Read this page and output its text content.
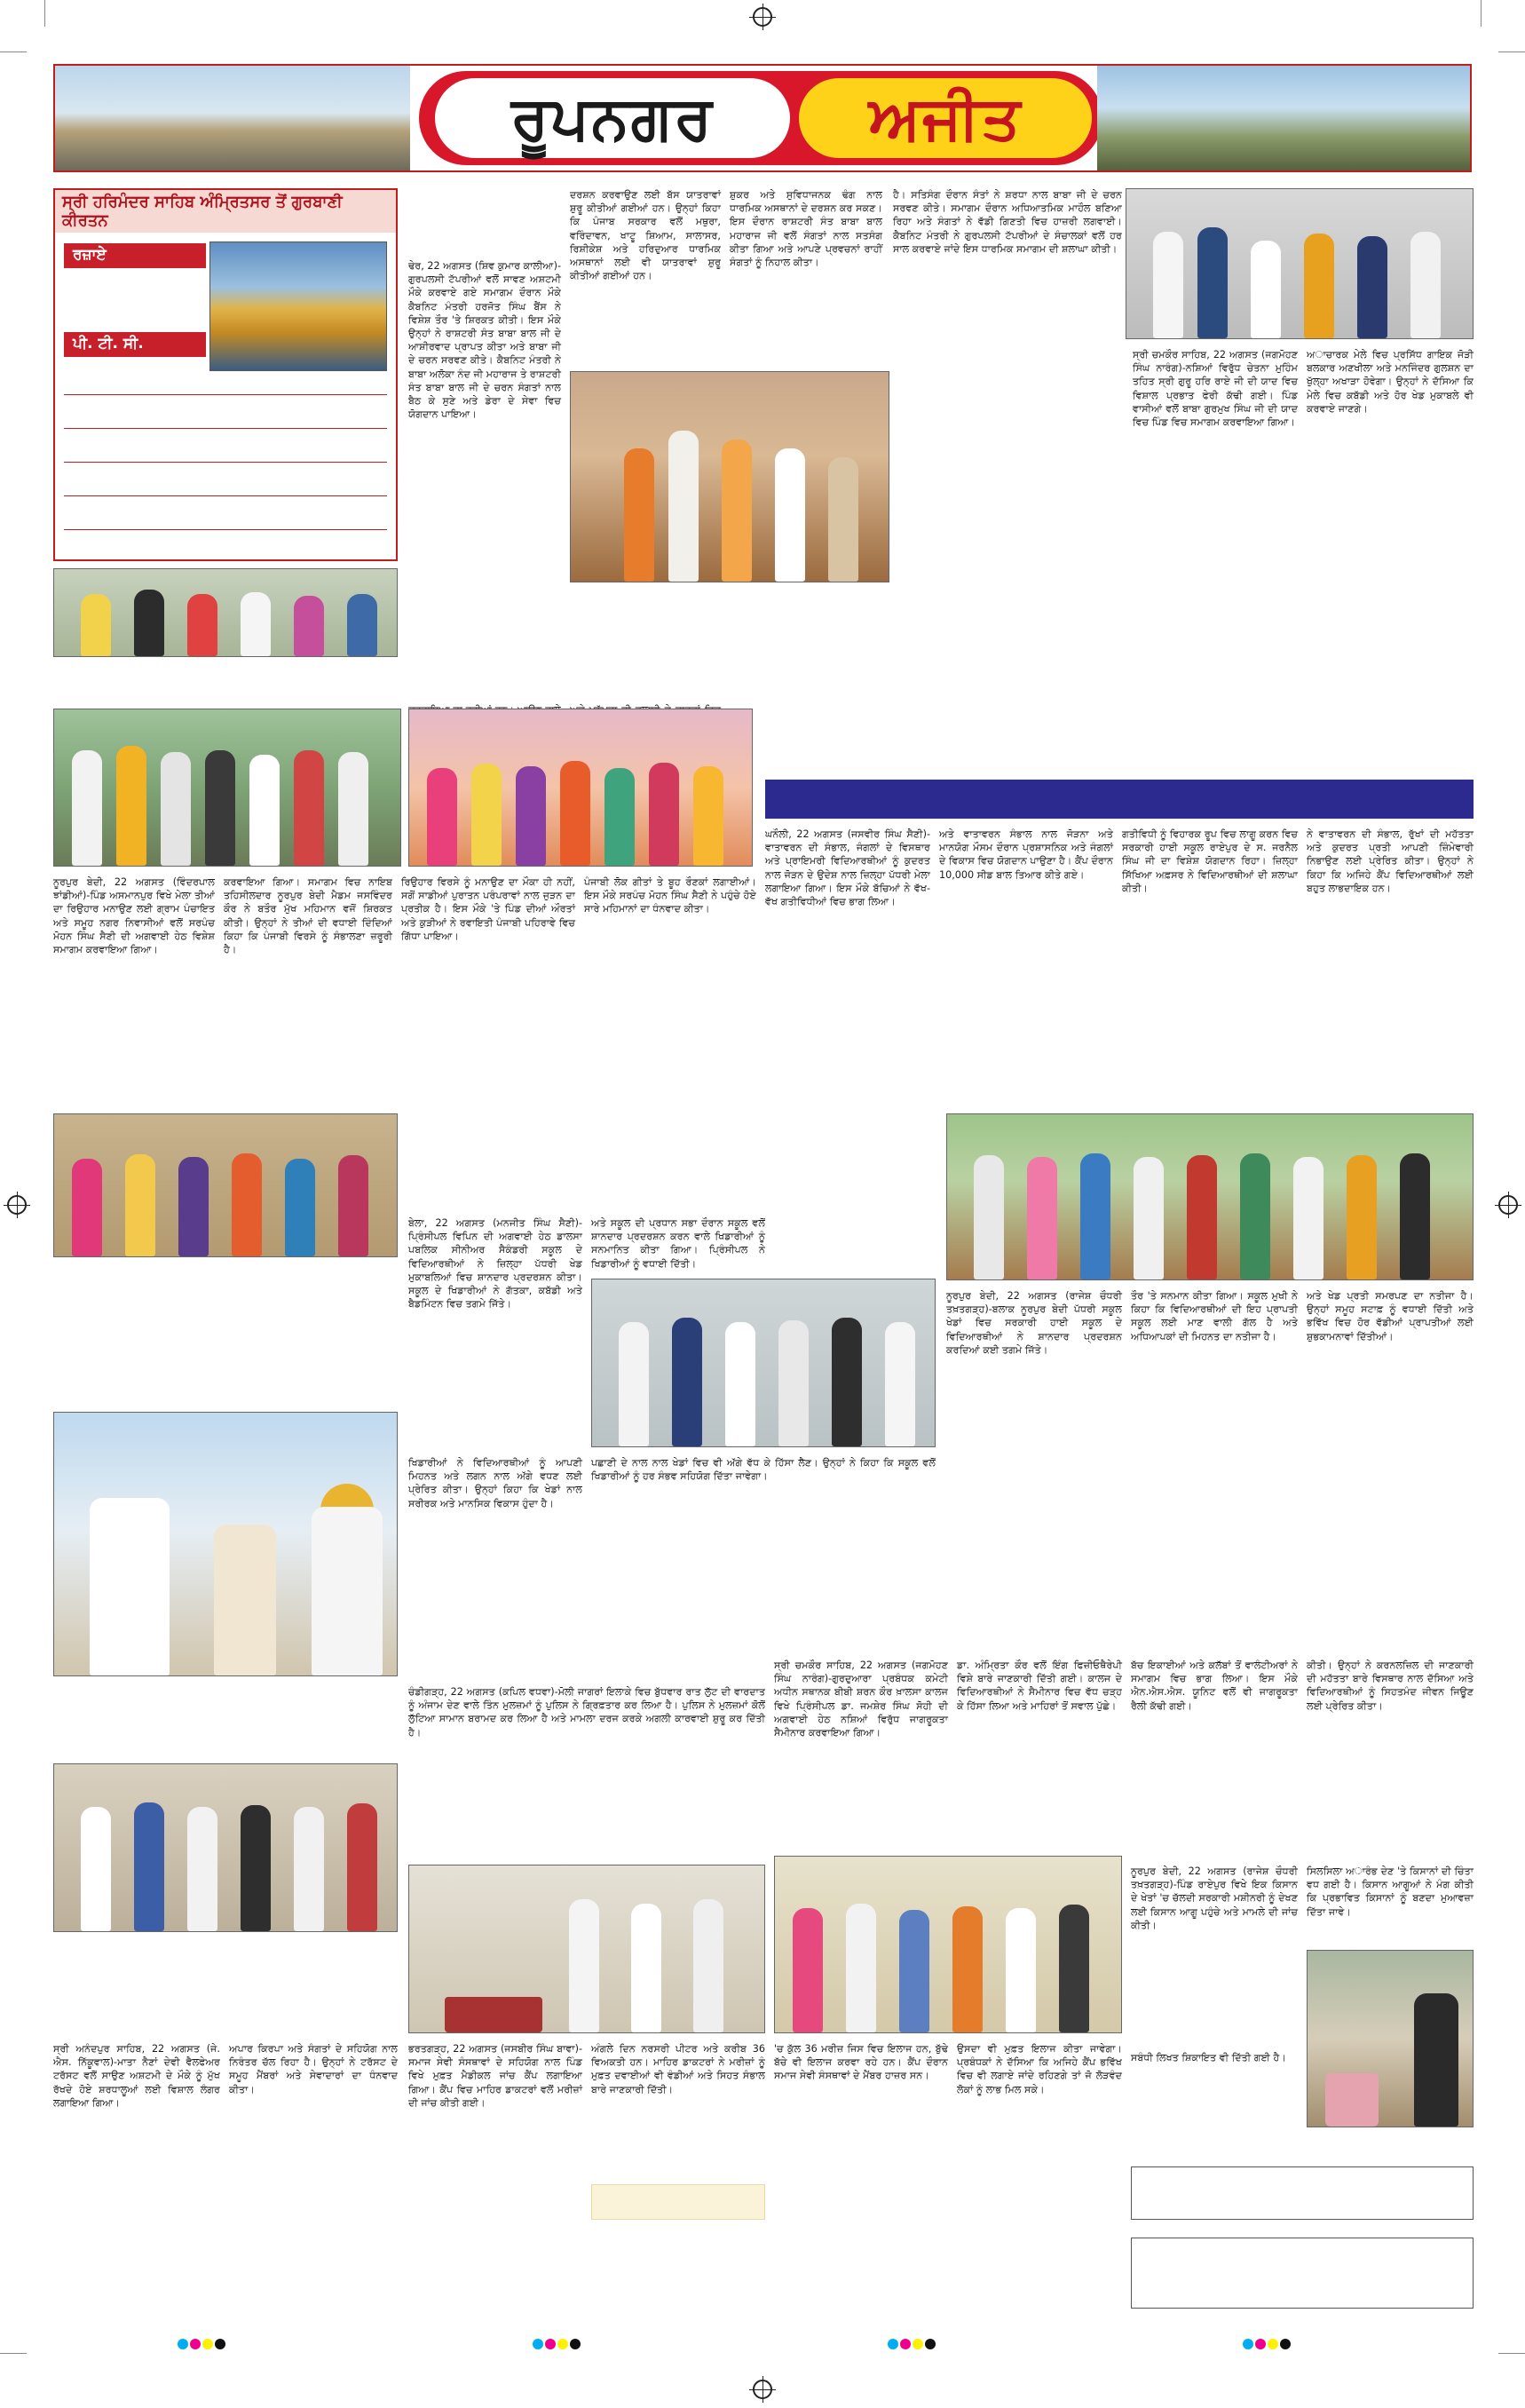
ਰੂਪਨਗਰ	ਅਜੀਤ
ਸ੍ਰੀ ਹਰਿਮੰਦਰ ਸਾਹਿਬ ਅੰਮ੍ਰਿਤਸਰ ਤੋਂ ਗੁਰਬਾਣੀ ਕੀਰਤਨ
ਰਜ਼ਾਏ
ਪੀ. ਟੀ. ਸੀ.
ਢੇਰ, 22 ਅਗਸਤ (ਸ਼ਿਵ ਕੁਮਾਰ ਕਾਲੀਆ)-ਗੁਰਪਲਸੀ ਟੱਪਰੀਆਂ ਵਲੋਂ ਸਾਵਣ ਅਸ਼ਟਮੀ ਮੌਕੇ ਕਰਵਾਏ ਗਏ ਸਮਾਗਮ ਦੌਰਾਨ ਮੌਕੇ ਕੈਬਨਿਟ ਮੰਤਰੀ ਹਰਜੋਤ ਸਿੰਘ ਬੈਂਸ ਨੇ ਵਿਸ਼ੇਸ਼ ਤੌਰ 'ਤੇ ਸ਼ਿਰਕਤ ਕੀਤੀ। ਇਸ ਮੌਕੇ ਉਨ੍ਹਾਂ ਨੇ ਰਾਸ਼ਟਰੀ ਸੰਤ ਬਾਬਾ ਬਾਲ ਜੀ ਦੇ ਆਸ਼ੀਰਵਾਦ ਪ੍ਰਾਪਤ ਕੀਤਾ ਅਤੇ ਬਾਬਾ ਜੀ ਦੇ ਚਰਨ ਸਰਵਣ ਕੀਤੇ। ਕੈਬਨਿਟ ਮੰਤਰੀ ਨੇ ਬਾਬਾ ਅਲੋਕਾ ਨੰਦ ਜੀ ਮਹਾਰਾਜ ਤੇ ਰਾਸ਼ਟਰੀ ਸੰਤ ਬਾਬਾ ਬਾਲ ਜੀ ਦੇ ਚਰਨ ਸੰਗਤਾਂ ਨਾਲ ਬੈਠ ਕੇ ਸੁਣੇ ਅਤੇ ਡੇਰਾ ਦੇ ਸੇਵਾ ਵਿਚ ਯੋਗਦਾਨ ਪਾਇਆ।
ਦਰਸ਼ਨ ਕਰਵਾਉਣ ਲਈ ਬੱਸ ਯਾਤਰਾਵਾਂ ਸ਼ੁਰੂ ਕੀਤੀਆਂ ਗਈਆਂ ਹਨ। ਉਨ੍ਹਾਂ ਕਿਹਾ ਕਿ ਪੰਜਾਬ ਸਰਕਾਰ ਵਲੋਂ ਮਥੁਰਾ, ਵਰਿੰਦਾਵਨ, ਖਾਟੂ ਸ਼ਿਆਮ, ਸਾਲਾਸਰ, ਰਿਸ਼ੀਕੇਸ਼ ਅਤੇ ਹਰਿਦੁਆਰ ਧਾਰਮਿਕ ਅਸਥਾਨਾਂ ਲਈ ਵੀ ਯਾਤਰਾਵਾਂ ਸ਼ੁਰੂ ਕੀਤੀਆਂ ਗਈਆਂ ਹਨ।
ਸ਼ੁਕਰ ਅਤੇ ਸੁਵਿਧਾਜਨਕ ਢੰਗ ਨਾਲ ਧਾਰਮਿਕ ਅਸਥਾਨਾਂ ਦੇ ਦਰਸ਼ਨ ਕਰ ਸਕਣ। ਇਸ ਦੌਰਾਨ ਰਾਸ਼ਟਰੀ ਸੰਤ ਬਾਬਾ ਬਾਲ ਮਹਾਰਾਜ ਜੀ ਵਲੋਂ ਸੰਗਤਾਂ ਨਾਲ ਸਤਸੰਗ ਕੀਤਾ ਗਿਆ ਅਤੇ ਆਪਣੇ ਪ੍ਰਵਚਨਾਂ ਰਾਹੀਂ ਸੰਗਤਾਂ ਨੂੰ ਨਿਹਾਲ ਕੀਤਾ।
ਹੈ। ਸਤਿਸੰਗ ਦੌਰਾਨ ਸੰਤਾਂ ਨੇ ਸ਼ਰਧਾ ਨਾਲ ਬਾਬਾ ਜੀ ਦੇ ਚਰਨ ਸਰਵਣ ਕੀਤੇ। ਸਮਾਗਮ ਦੌਰਾਨ ਅਧਿਆਤਮਿਕ ਮਾਹੌਲ ਬਣਿਆ ਰਿਹਾ ਅਤੇ ਸੰਗਤਾਂ ਨੇ ਵੱਡੀ ਗਿਣਤੀ ਵਿਚ ਹਾਜ਼ਰੀ ਲਗਵਾਈ। ਕੈਬਨਿਟ ਮੰਤਰੀ ਨੇ ਗੁਰਪਲਸੀ ਟੱਪਰੀਆਂ ਦੇ ਸੰਚਾਲਕਾਂ ਵਲੋਂ ਹਰ ਸਾਲ ਕਰਵਾਏ ਜਾਂਦੇ ਇਸ ਧਾਰਮਿਕ ਸਮਾਗਮ ਦੀ ਸ਼ਲਾਘਾ ਕੀਤੀ।
ਸ੍ਰੀ ਚਮਕੌਰ ਸਾਹਿਬ, 22 ਅਗਸਤ (ਜਗਮੋਹਣ ਸਿੰਘ ਨਾਰੰਗ)-ਨਸ਼ਿਆਂ ਵਿਰੁੱਧ ਚੇਤਨਾ ਮੁਹਿੰਮ ਤਹਿਤ ਸ੍ਰੀ ਗੁਰੂ ਹਰਿ ਰਾਏ ਜੀ ਦੀ ਯਾਦ ਵਿਚ ਵਿਸ਼ਾਲ ਪ੍ਰਭਾਤ ਫੇਰੀ ਕੱਢੀ ਗਈ। ਪਿੰਡ ਵਾਸੀਆਂ ਵਲੋਂ ਬਾਬਾ ਗੁਰਮੁਖ ਸਿੰਘ ਜੀ ਦੀ ਯਾਦ ਵਿਚ ਪਿੰਡ ਵਿਚ ਸਮਾਗਮ ਕਰਵਾਇਆ ਗਿਆ।
ਅਾਚਾਰਕ ਮੇਲੇ ਵਿਚ ਪ੍ਰਸਿੱਧ ਗਾਇਕ ਜੋੜੀ ਬਲਕਾਰ ਅਣਖੀਲਾ ਅਤੇ ਮਨਜਿੰਦਰ ਗੁਲਸ਼ਨ ਦਾ ਖੁੱਲ੍ਹਾ ਅਖਾੜਾ ਹੋਵੇਗਾ। ਉਨ੍ਹਾਂ ਨੇ ਦੱਸਿਆ ਕਿ ਮੇਲੇ ਵਿਚ ਕਬੱਡੀ ਅਤੇ ਹੋਰ ਖੇਡ ਮੁਕਾਬਲੇ ਵੀ ਕਰਵਾਏ ਜਾਣਗੇ।
ਘਨੌਲੀ, 22 ਅਗਸਤ (ਜਸਵੀਰ ਸਿੰਘ ਸੈਣੀ)-ਵਾਤਾਵਰਨ ਦੀ ਸੰਭਾਲ, ਜੰਗਲਾਂ ਦੇ ਵਿਸਥਾਰ ਅਤੇ ਪ੍ਰਾਇਮਰੀ ਵਿਦਿਆਰਥੀਆਂ ਨੂੰ ਕੁਦਰਤ ਨਾਲ ਜੋੜਨ ਦੇ ਉਦੇਸ਼ ਨਾਲ ਜ਼ਿਲ੍ਹਾ ਪੱਧਰੀ ਮੇਲਾ ਲਗਾਇਆ ਗਿਆ। ਇਸ ਮੌਕੇ ਬੱਚਿਆਂ ਨੇ ਵੱਖ-ਵੱਖ ਗਤੀਵਿਧੀਆਂ ਵਿਚ ਭਾਗ ਲਿਆ।
ਅਤੇ ਵਾਤਾਵਰਨ ਸੰਭਾਲ ਨਾਲ ਜੋੜਨਾ ਅਤੇ ਮਾਨਯੋਗ ਮੌਸਮ ਦੌਰਾਨ ਪ੍ਰਸ਼ਾਸਨਿਕ ਅਤੇ ਜੰਗਲਾਂ ਦੇ ਵਿਕਾਸ ਵਿਚ ਯੋਗਦਾਨ ਪਾਉਣਾ ਹੈ। ਕੈਂਪ ਦੌਰਾਨ 10,000 ਸੀਡ ਬਾਲ ਤਿਆਰ ਕੀਤੇ ਗਏ।
ਗਤੀਵਿਧੀ ਨੂੰ ਵਿਹਾਰਕ ਰੂਪ ਵਿਚ ਲਾਗੂ ਕਰਨ ਵਿਚ ਸਰਕਾਰੀ ਹਾਈ ਸਕੂਲ ਰਾਏਪੁਰ ਦੇ ਸ. ਜਰਨੈਲ ਸਿੰਘ ਜੀ ਦਾ ਵਿਸ਼ੇਸ਼ ਯੋਗਦਾਨ ਰਿਹਾ। ਜ਼ਿਲ੍ਹਾ ਸਿੱਖਿਆ ਅਫ਼ਸਰ ਨੇ ਵਿਦਿਆਰਥੀਆਂ ਦੀ ਸ਼ਲਾਘਾ ਕੀਤੀ।
ਨੇ ਵਾਤਾਵਰਨ ਦੀ ਸੰਭਾਲ, ਰੁੱਖਾਂ ਦੀ ਮਹੱਤਤਾ ਅਤੇ ਕੁਦਰਤ ਪ੍ਰਤੀ ਆਪਣੀ ਜ਼ਿੰਮੇਵਾਰੀ ਨਿਭਾਉਣ ਲਈ ਪ੍ਰੇਰਿਤ ਕੀਤਾ। ਉਨ੍ਹਾਂ ਨੇ ਕਿਹਾ ਕਿ ਅਜਿਹੇ ਕੈਂਪ ਵਿਦਿਆਰਥੀਆਂ ਲਈ ਬਹੁਤ ਲਾਭਦਾਇਕ ਹਨ।
ਨੂਰਪੁਰ ਬੇਦੀ, 22 ਅਗਸਤ (ਵਿੰਦਰਪਾਲ ਝਾਂਡੀਆਂ)-ਪਿੰਡ ਅਸਮਾਨਪੁਰ ਵਿਖੇ ਮੇਲਾ ਤੀਆਂ ਦਾ ਰਿਉਹਾਰ ਮਨਾਉਣ ਲਈ ਗ੍ਰਾਮ ਪੰਚਾਇਤ ਅਤੇ ਸਮੂਹ ਨਗਰ ਨਿਵਾਸੀਆਂ ਵਲੋਂ ਸਰਪੰਚ ਮੋਹਨ ਸਿੰਘ ਸੈਣੀ ਦੀ ਅਗਵਾਈ ਹੇਠ ਵਿਸ਼ੇਸ਼ ਸਮਾਗਮ ਕਰਵਾਇਆ ਗਿਆ।
ਕਰਵਾਇਆ ਗਿਆ। ਸਮਾਗਮ ਵਿਚ ਨਾਇਬ ਤਹਿਸੀਲਦਾਰ ਨੂਰਪੁਰ ਬੇਦੀ ਮੈਡਮ ਜਸਵਿੰਦਰ ਕੌਰ ਨੇ ਬਤੌਰ ਮੁੱਖ ਮਹਿਮਾਨ ਵਜੋਂ ਸ਼ਿਰਕਤ ਕੀਤੀ। ਉਨ੍ਹਾਂ ਨੇ ਤੀਆਂ ਦੀ ਵਧਾਈ ਦਿੰਦਿਆਂ ਕਿਹਾ ਕਿ ਪੰਜਾਬੀ ਵਿਰਸੇ ਨੂੰ ਸੰਭਾਲਣਾ ਜ਼ਰੂਰੀ ਹੈ।
ਰਿਉਹਾਰ ਵਿਰਸੇ ਨੂੰ ਮਨਾਉਣ ਦਾ ਮੌਕਾ ਹੀ ਨਹੀਂ, ਸਗੋਂ ਸਾਡੀਆਂ ਪੁਰਾਤਨ ਪਰੰਪਰਾਵਾਂ ਨਾਲ ਜੁੜਨ ਦਾ ਪ੍ਰਤੀਕ ਹੈ। ਇਸ ਮੌਕੇ 'ਤੇ ਪਿੰਡ ਦੀਆਂ ਔਰਤਾਂ ਅਤੇ ਕੁੜੀਆਂ ਨੇ ਰਵਾਇਤੀ ਪੰਜਾਬੀ ਪਹਿਰਾਵੇ ਵਿਚ ਗਿੱਧਾ ਪਾਇਆ।
ਪੰਜਾਬੀ ਲੋਕ ਗੀਤਾਂ ਤੇ ਬੂਹ ਰੌਣਕਾਂ ਲਗਾਈਆਂ। ਇਸ ਮੌਕੇ ਸਰਪੰਚ ਮੋਹਨ ਸਿੰਘ ਸੈਣੀ ਨੇ ਪਹੁੰਚੇ ਹੋਏ ਸਾਰੇ ਮਹਿਮਾਨਾਂ ਦਾ ਧੰਨਵਾਦ ਕੀਤਾ।
ਬੇਲਾ, 22 ਅਗਸਤ (ਮਨਜੀਤ ਸਿੰਘ ਸੈਣੀ)-ਪ੍ਰਿੰਸੀਪਲ ਵਿਪਿਨ ਦੀ ਅਗਵਾਈ ਹੇਠ ਡਾਲਸਾ ਪਬਲਿਕ ਸੀਨੀਅਰ ਸੈਕੰਡਰੀ ਸਕੂਲ ਦੇ ਵਿਦਿਆਰਥੀਆਂ ਨੇ ਜ਼ਿਲ੍ਹਾ ਪੱਧਰੀ ਖੇਡ ਮੁਕਾਬਲਿਆਂ ਵਿਚ ਸ਼ਾਨਦਾਰ ਪ੍ਰਦਰਸ਼ਨ ਕੀਤਾ। ਸਕੂਲ ਦੇ ਖਿਡਾਰੀਆਂ ਨੇ ਗੱਤਕਾ, ਕਬੱਡੀ ਅਤੇ ਬੈਡਮਿੰਟਨ ਵਿਚ ਤਗਮੇ ਜਿੱਤੇ।
ਅਤੇ ਸਕੂਲ ਦੀ ਪ੍ਰਧਾਨ ਸਭਾ ਦੌਰਾਨ ਸਕੂਲ ਵਲੋਂ ਸ਼ਾਨਦਾਰ ਪ੍ਰਦਰਸ਼ਨ ਕਰਨ ਵਾਲੇ ਖਿਡਾਰੀਆਂ ਨੂੰ ਸਨਮਾਨਿਤ ਕੀਤਾ ਗਿਆ। ਪ੍ਰਿੰਸੀਪਲ ਨੇ ਖਿਡਾਰੀਆਂ ਨੂੰ ਵਧਾਈ ਦਿੱਤੀ।
ਖਿਡਾਰੀਆਂ ਨੇ ਵਿਦਿਆਰਥੀਆਂ ਨੂੰ ਆਪਣੀ ਮਿਹਨਤ ਅਤੇ ਲਗਨ ਨਾਲ ਅੱਗੇ ਵਧਣ ਲਈ ਪ੍ਰੇਰਿਤ ਕੀਤਾ। ਉਨ੍ਹਾਂ ਕਿਹਾ ਕਿ ਖੇਡਾਂ ਨਾਲ ਸਰੀਰਕ ਅਤੇ ਮਾਨਸਿਕ ਵਿਕਾਸ ਹੁੰਦਾ ਹੈ।
ਪਛਾਣੀ ਦੇ ਨਾਲ ਨਾਲ ਖੇਡਾਂ ਵਿਚ ਵੀ ਅੱਗੇ ਵੱਧ ਕੇ ਹਿੱਸਾ ਲੈਣ। ਉਨ੍ਹਾਂ ਨੇ ਕਿਹਾ ਕਿ ਸਕੂਲ ਵਲੋਂ ਖਿਡਾਰੀਆਂ ਨੂੰ ਹਰ ਸੰਭਵ ਸਹਿਯੋਗ ਦਿੱਤਾ ਜਾਵੇਗਾ।
ਨੂਰਪੁਰ ਬੇਦੀ, 22 ਅਗਸਤ (ਰਾਜੇਸ਼ ਚੌਧਰੀ ਤਖ਼ਤਗੜ੍ਹ)-ਬਲਾਕ ਨੂਰਪੁਰ ਬੇਦੀ ਪੱਧਰੀ ਸਕੂਲ ਖੇਡਾਂ ਵਿਚ ਸਰਕਾਰੀ ਹਾਈ ਸਕੂਲ ਦੇ ਵਿਦਿਆਰਥੀਆਂ ਨੇ ਸ਼ਾਨਦਾਰ ਪ੍ਰਦਰਸ਼ਨ ਕਰਦਿਆਂ ਕਈ ਤਗਮੇ ਜਿੱਤੇ।
ਤੌਰ 'ਤੇ ਸਨਮਾਨ ਕੀਤਾ ਗਿਆ। ਸਕੂਲ ਮੁਖੀ ਨੇ ਕਿਹਾ ਕਿ ਵਿਦਿਆਰਥੀਆਂ ਦੀ ਇਹ ਪ੍ਰਾਪਤੀ ਸਕੂਲ ਲਈ ਮਾਣ ਵਾਲੀ ਗੱਲ ਹੈ ਅਤੇ ਅਧਿਆਪਕਾਂ ਦੀ ਮਿਹਨਤ ਦਾ ਨਤੀਜਾ ਹੈ।
ਅਤੇ ਖੇਡ ਪ੍ਰਤੀ ਸਮਰਪਣ ਦਾ ਨਤੀਜਾ ਹੈ। ਉਨ੍ਹਾਂ ਸਮੂਹ ਸਟਾਫ਼ ਨੂੰ ਵਧਾਈ ਦਿੱਤੀ ਅਤੇ ਭਵਿੱਖ ਵਿਚ ਹੋਰ ਵੱਡੀਆਂ ਪ੍ਰਾਪਤੀਆਂ ਲਈ ਸ਼ੁਭਕਾਮਨਾਵਾਂ ਦਿੱਤੀਆਂ।
ਚੰਡੀਗੜ੍ਹ, 22 ਅਗਸਤ (ਕਪਿਲ ਵਧਵਾ)-ਮੋਲੀ ਜਾਗਰਾਂ ਇਲਾਕੇ ਵਿਚ ਬੁੱਧਵਾਰ ਰਾਤ ਲੁੱਟ ਦੀ ਵਾਰਦਾਤ ਨੂੰ ਅੰਜਾਮ ਦੇਣ ਵਾਲੇ ਤਿੰਨ ਮੁਲਜ਼ਮਾਂ ਨੂੰ ਪੁਲਿਸ ਨੇ ਗ੍ਰਿਫ਼ਤਾਰ ਕਰ ਲਿਆ ਹੈ। ਪੁਲਿਸ ਨੇ ਮੁਲਜ਼ਮਾਂ ਕੋਲੋਂ ਲੁੱਟਿਆ ਸਾਮਾਨ ਬਰਾਮਦ ਕਰ ਲਿਆ ਹੈ ਅਤੇ ਮਾਮਲਾ ਦਰਜ ਕਰਕੇ ਅਗਲੀ ਕਾਰਵਾਈ ਸ਼ੁਰੂ ਕਰ ਦਿੱਤੀ ਹੈ।
ਸ੍ਰੀ ਚਮਕੌਰ ਸਾਹਿਬ, 22 ਅਗਸਤ (ਜਗਮੋਹਣ ਸਿੰਘ ਨਾਰੰਗ)-ਗੁਰਦੁਆਰਾ ਪ੍ਰਬੰਧਕ ਕਮੇਟੀ ਅਧੀਨ ਸਥਾਨਕ ਬੀਬੀ ਸ਼ਰਨ ਕੌਰ ਖ਼ਾਲਸਾ ਕਾਲਜ ਵਿਖੇ ਪ੍ਰਿੰਸੀਪਲ ਡਾ. ਜਮਸ਼ੇਰ ਸਿੰਘ ਸੋਹੀ ਦੀ ਅਗਵਾਈ ਹੇਠ ਨਸ਼ਿਆਂ ਵਿਰੁੱਧ ਜਾਗਰੂਕਤਾ ਸੈਮੀਨਾਰ ਕਰਵਾਇਆ ਗਿਆ।
ਡਾ. ਅੰਮ੍ਰਿਤਾ ਕੌਰ ਵਲੋਂ ਇੰਗ ਫਿਜ਼ੀਓਥੈਰੇਪੀ ਵਿਸ਼ੇ ਬਾਰੇ ਜਾਣਕਾਰੀ ਦਿੱਤੀ ਗਈ। ਕਾਲਜ ਦੇ ਵਿਦਿਆਰਥੀਆਂ ਨੇ ਸੈਮੀਨਾਰ ਵਿਚ ਵੱਧ ਚੜ੍ਹ ਕੇ ਹਿੱਸਾ ਲਿਆ ਅਤੇ ਮਾਹਿਰਾਂ ਤੋਂ ਸਵਾਲ ਪੁੱਛੇ।
ਬੱਚ ਇਕਾਈਆਂ ਅਤੇ ਕਲੱਬਾਂ ਤੋਂ ਵਾਲੰਟੀਅਰਾਂ ਨੇ ਸਮਾਗਮ ਵਿਚ ਭਾਗ ਲਿਆ। ਇਸ ਮੌਕੇ ਐਨ.ਐਸ.ਐਸ. ਯੂਨਿਟ ਵਲੋਂ ਵੀ ਜਾਗਰੂਕਤਾ ਰੈਲੀ ਕੱਢੀ ਗਈ।
ਕੀਤੀ। ਉਨ੍ਹਾਂ ਨੇ ਕਰਨਲਜ਼ਿਲ ਦੀ ਜਾਣਕਾਰੀ ਦੀ ਮਹੱਤਤਾ ਬਾਰੇ ਵਿਸਥਾਰ ਨਾਲ ਦੱਸਿਆ ਅਤੇ ਵਿਦਿਆਰਥੀਆਂ ਨੂੰ ਸਿਹਤਮੰਦ ਜੀਵਨ ਜਿਊਣ ਲਈ ਪ੍ਰੇਰਿਤ ਕੀਤਾ।
ਨੂਰਪੁਰ ਬੇਦੀ, 22 ਅਗਸਤ (ਰਾਜੇਸ਼ ਚੌਧਰੀ ਤਖ਼ਤਗੜ੍ਹ)-ਪਿੰਡ ਰਾਏਪੁਰ ਵਿਖੇ ਇਕ ਕਿਸਾਨ ਦੇ ਖੇਤਾਂ 'ਚ ਚੱਲਦੀ ਸਰਕਾਰੀ ਮਸ਼ੀਨਰੀ ਨੂੰ ਦੇਖਣ ਲਈ ਕਿਸਾਨ ਆਗੂ ਪਹੁੰਚੇ ਅਤੇ ਮਾਮਲੇ ਦੀ ਜਾਂਚ ਕੀਤੀ।
ਸਿਲਸਿਲਾ ਅਾਰੰਭ ਦੇਣ 'ਤੇ ਕਿਸਾਨਾਂ ਦੀ ਚਿੰਤਾ ਵਧ ਗਈ ਹੈ। ਕਿਸਾਨ ਆਗੂਆਂ ਨੇ ਮੰਗ ਕੀਤੀ ਕਿ ਪ੍ਰਭਾਵਿਤ ਕਿਸਾਨਾਂ ਨੂੰ ਬਣਦਾ ਮੁਆਵਜ਼ਾ ਦਿੱਤਾ ਜਾਵੇ।
ਸ੍ਰੀ ਅਨੰਦਪੁਰ ਸਾਹਿਬ, 22 ਅਗਸਤ (ਜੇ. ਐਸ. ਨਿੱਕੂਵਾਲ)-ਮਾਤਾ ਨੈਣਾਂ ਦੇਵੀ ਵੈਲਫੇਅਰ ਟਰੱਸਟ ਵਲੋਂ ਸਾਉਣ ਅਸ਼ਟਮੀ ਦੇ ਮੌਕੇ ਨੂੰ ਮੁੱਖ ਰੱਖਦੇ ਹੋਏ ਸ਼ਰਧਾਲੂਆਂ ਲਈ ਵਿਸ਼ਾਲ ਲੰਗਰ ਲਗਾਇਆ ਗਿਆ।
ਅਪਾਰ ਕਿਰਪਾ ਅਤੇ ਸੰਗਤਾਂ ਦੇ ਸਹਿਯੋਗ ਨਾਲ ਨਿਰੰਤਰ ਚੱਲ ਰਿਹਾ ਹੈ। ਉਨ੍ਹਾਂ ਨੇ ਟਰੱਸਟ ਦੇ ਸਮੂਹ ਮੈਂਬਰਾਂ ਅਤੇ ਸੇਵਾਦਾਰਾਂ ਦਾ ਧੰਨਵਾਦ ਕੀਤਾ।
ਭਰਤਗੜ੍ਹ, 22 ਅਗਸਤ (ਜਸਬੀਰ ਸਿੰਘ ਬਾਵਾ)-ਸਮਾਜ ਸੇਵੀ ਸੰਸਥਾਵਾਂ ਦੇ ਸਹਿਯੋਗ ਨਾਲ ਪਿੰਡ ਵਿਖੇ ਮੁਫ਼ਤ ਮੈਡੀਕਲ ਜਾਂਚ ਕੈਂਪ ਲਗਾਇਆ ਗਿਆ। ਕੈਂਪ ਵਿਚ ਮਾਹਿਰ ਡਾਕਟਰਾਂ ਵਲੋਂ ਮਰੀਜ਼ਾਂ ਦੀ ਜਾਂਚ ਕੀਤੀ ਗਈ।
ਅੰਗਲੇ ਦਿਨ ਨਰਸਰੀ ਪੀਟਰ ਅਤੇ ਕਰੀਬ 36 ਵਿਅਕਤੀ ਹਨ। ਮਾਹਿਰ ਡਾਕਟਰਾਂ ਨੇ ਮਰੀਜ਼ਾਂ ਨੂੰ ਮੁਫ਼ਤ ਦਵਾਈਆਂ ਵੀ ਵੰਡੀਆਂ ਅਤੇ ਸਿਹਤ ਸੰਭਾਲ ਬਾਰੇ ਜਾਣਕਾਰੀ ਦਿੱਤੀ।
'ਚ ਕੁੱਲ 36 ਮਰੀਜ਼ ਜਿਸ ਵਿਚ ਇਲਾਜ ਹਨ, ਬੁੱਢੇ ਬੱਚੇ ਵੀ ਇਲਾਜ ਕਰਵਾ ਰਹੇ ਹਨ। ਕੈਂਪ ਦੌਰਾਨ ਸਮਾਜ ਸੇਵੀ ਸੰਸਥਾਵਾਂ ਦੇ ਮੈਂਬਰ ਹਾਜ਼ਰ ਸਨ।
ਉਸਦਾ ਵੀ ਮੁਫ਼ਤ ਇਲਾਜ ਕੀਤਾ ਜਾਵੇਗਾ। ਪ੍ਰਬੰਧਕਾਂ ਨੇ ਦੱਸਿਆ ਕਿ ਅਜਿਹੇ ਕੈਂਪ ਭਵਿੱਖ ਵਿਚ ਵੀ ਲਗਾਏ ਜਾਂਦੇ ਰਹਿਣਗੇ ਤਾਂ ਜੋ ਲੋੜਵੰਦ ਲੋਕਾਂ ਨੂੰ ਲਾਭ ਮਿਲ ਸਕੇ।
ਸਬੰਧੀ ਲਿਖਤ ਸ਼ਿਕਾਇਤ ਵੀ ਦਿੱਤੀ ਗਈ ਹੈ।
